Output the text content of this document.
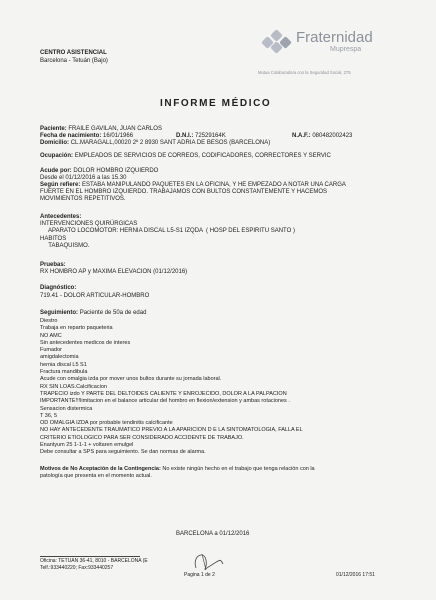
CENTRO ASISTENCIAL
Barcelona - Tetuán (Bajo)
Fraternidad
Muprespa
Mutua Colaboradora con la Seguridad Social, 275
INFORME MÉDICO
Paciente: FRAILE GAVILAN, JUAN CARLOS
Fecha de nacimiento: 16/01/1966	D.N.I.: 72529164K	N.A.F.: 080482002423
Domicilio: CL.MARAGALL,00020 2º 2 8930 SANT ADRIA DE BESOS (BARCELONA)
Ocupación: EMPLEADOS DE SERVICIOS DE CORREOS, CODIFICADORES, CORRECTORES Y SERVIC
Acude por: DOLOR HOMBRO IZQUIERDO
Desde el 01/12/2016 a las 15.30
Según refiere: ESTABA MANIPULANDO PAQUETES EN LA OFICINA, Y HE EMPEZADO A NOTAR UNA CARGA
FUERTE EN EL HOMBRO IZQUIERDO. TRABAJAMOS CON BULTOS CONSTANTEMENTE Y HACEMOS
MOVIMIENTOS REPETITIVOS.
Antecedentes:
INTERVENCIONES QUIRÚRGICAS
APARATO LOCOMOTOR: HERNIA DISCAL L5-S1 IZQDA  ( HOSP DEL ESPIRITU SANTO )
HABITOS
TABAQUISMO.
Pruebas:
RX HOMBRO AP y MAXIMA ELEVACION (01/12/2016)
Diagnóstico:
719.41 - DOLOR ARTICULAR-HOMBRO
Seguimiento: Paciente de 50a de edad
Diestro
Trabaja en reparto paqueteria
NO AMC
Sin antecedentes medicos de interes
Fumador
amigdalectomia
hernia discal L5 S1
Fractura mandibula
Acude con omalgia izda por mover unos bultos durante su jornada laboral.
RX SIN LOAS.Calcificacion
TRAPECIO izdo Y PARTE DEL DELTOIDES CALIENTE Y ENROJECIDO, DOLOR A LA PALPACION
IMPORTANTE!!!limitacion en el balance articular del hombro en flexion/extension y ambas rotaciones .
Sensacion distermica
T 36, 5
OD OMALGIA IZDA por probable tendinitis calcificante
NO HAY ANTECEDENTE TRAUMATICO PREVIO A LA APARICION D E LA SINTOMATOLOGIA, FALLA EL
CRITERIO ETIOLOGICO PARA SER CONSIDERADO ACCIDENTE DE TRABAJO.
Enantyum 25 1-1-1 + voltaren emulgel
Debe consultar a SPS para seguimiento. Se dan normas de alarma.
Motivos de No Aceptación de la Contingencia: No existe ningún hecho en el trabajo que tenga relación con la
patología que presenta en el momento actual.
BARCELONA a 01/12/2016
Oficina: TETUAN 36-41, 8010 - BARCELONA (E
Telf.:933440220; Fax:933440257
Pagina 1 de 2	01/12/2016 17:51
